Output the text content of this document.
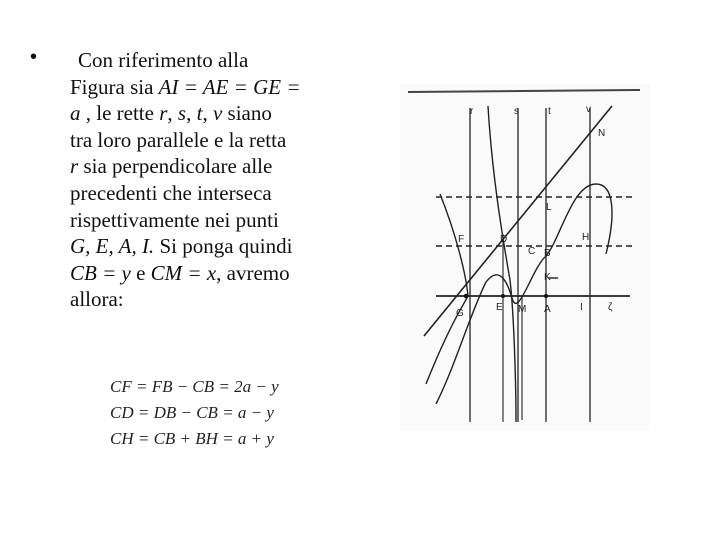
•	Con riferimento alla
Figura sia AI = AE = GE =
a , le rette r, s, t, v siano
tra loro parallele e la retta
r sia perpendicolare alle
precedenti che interseca
rispettivamente nei punti
G, E, A, I. Si ponga quindi
CB = y e CM = x, avremo
allora:
CF = FB − CB = 2a − y
CD = DB − CB = a − y
CH = CB + BH = a + y
r	s	t	v
N
L
F	D
C B
H
K
G
E M A	I	ζ
